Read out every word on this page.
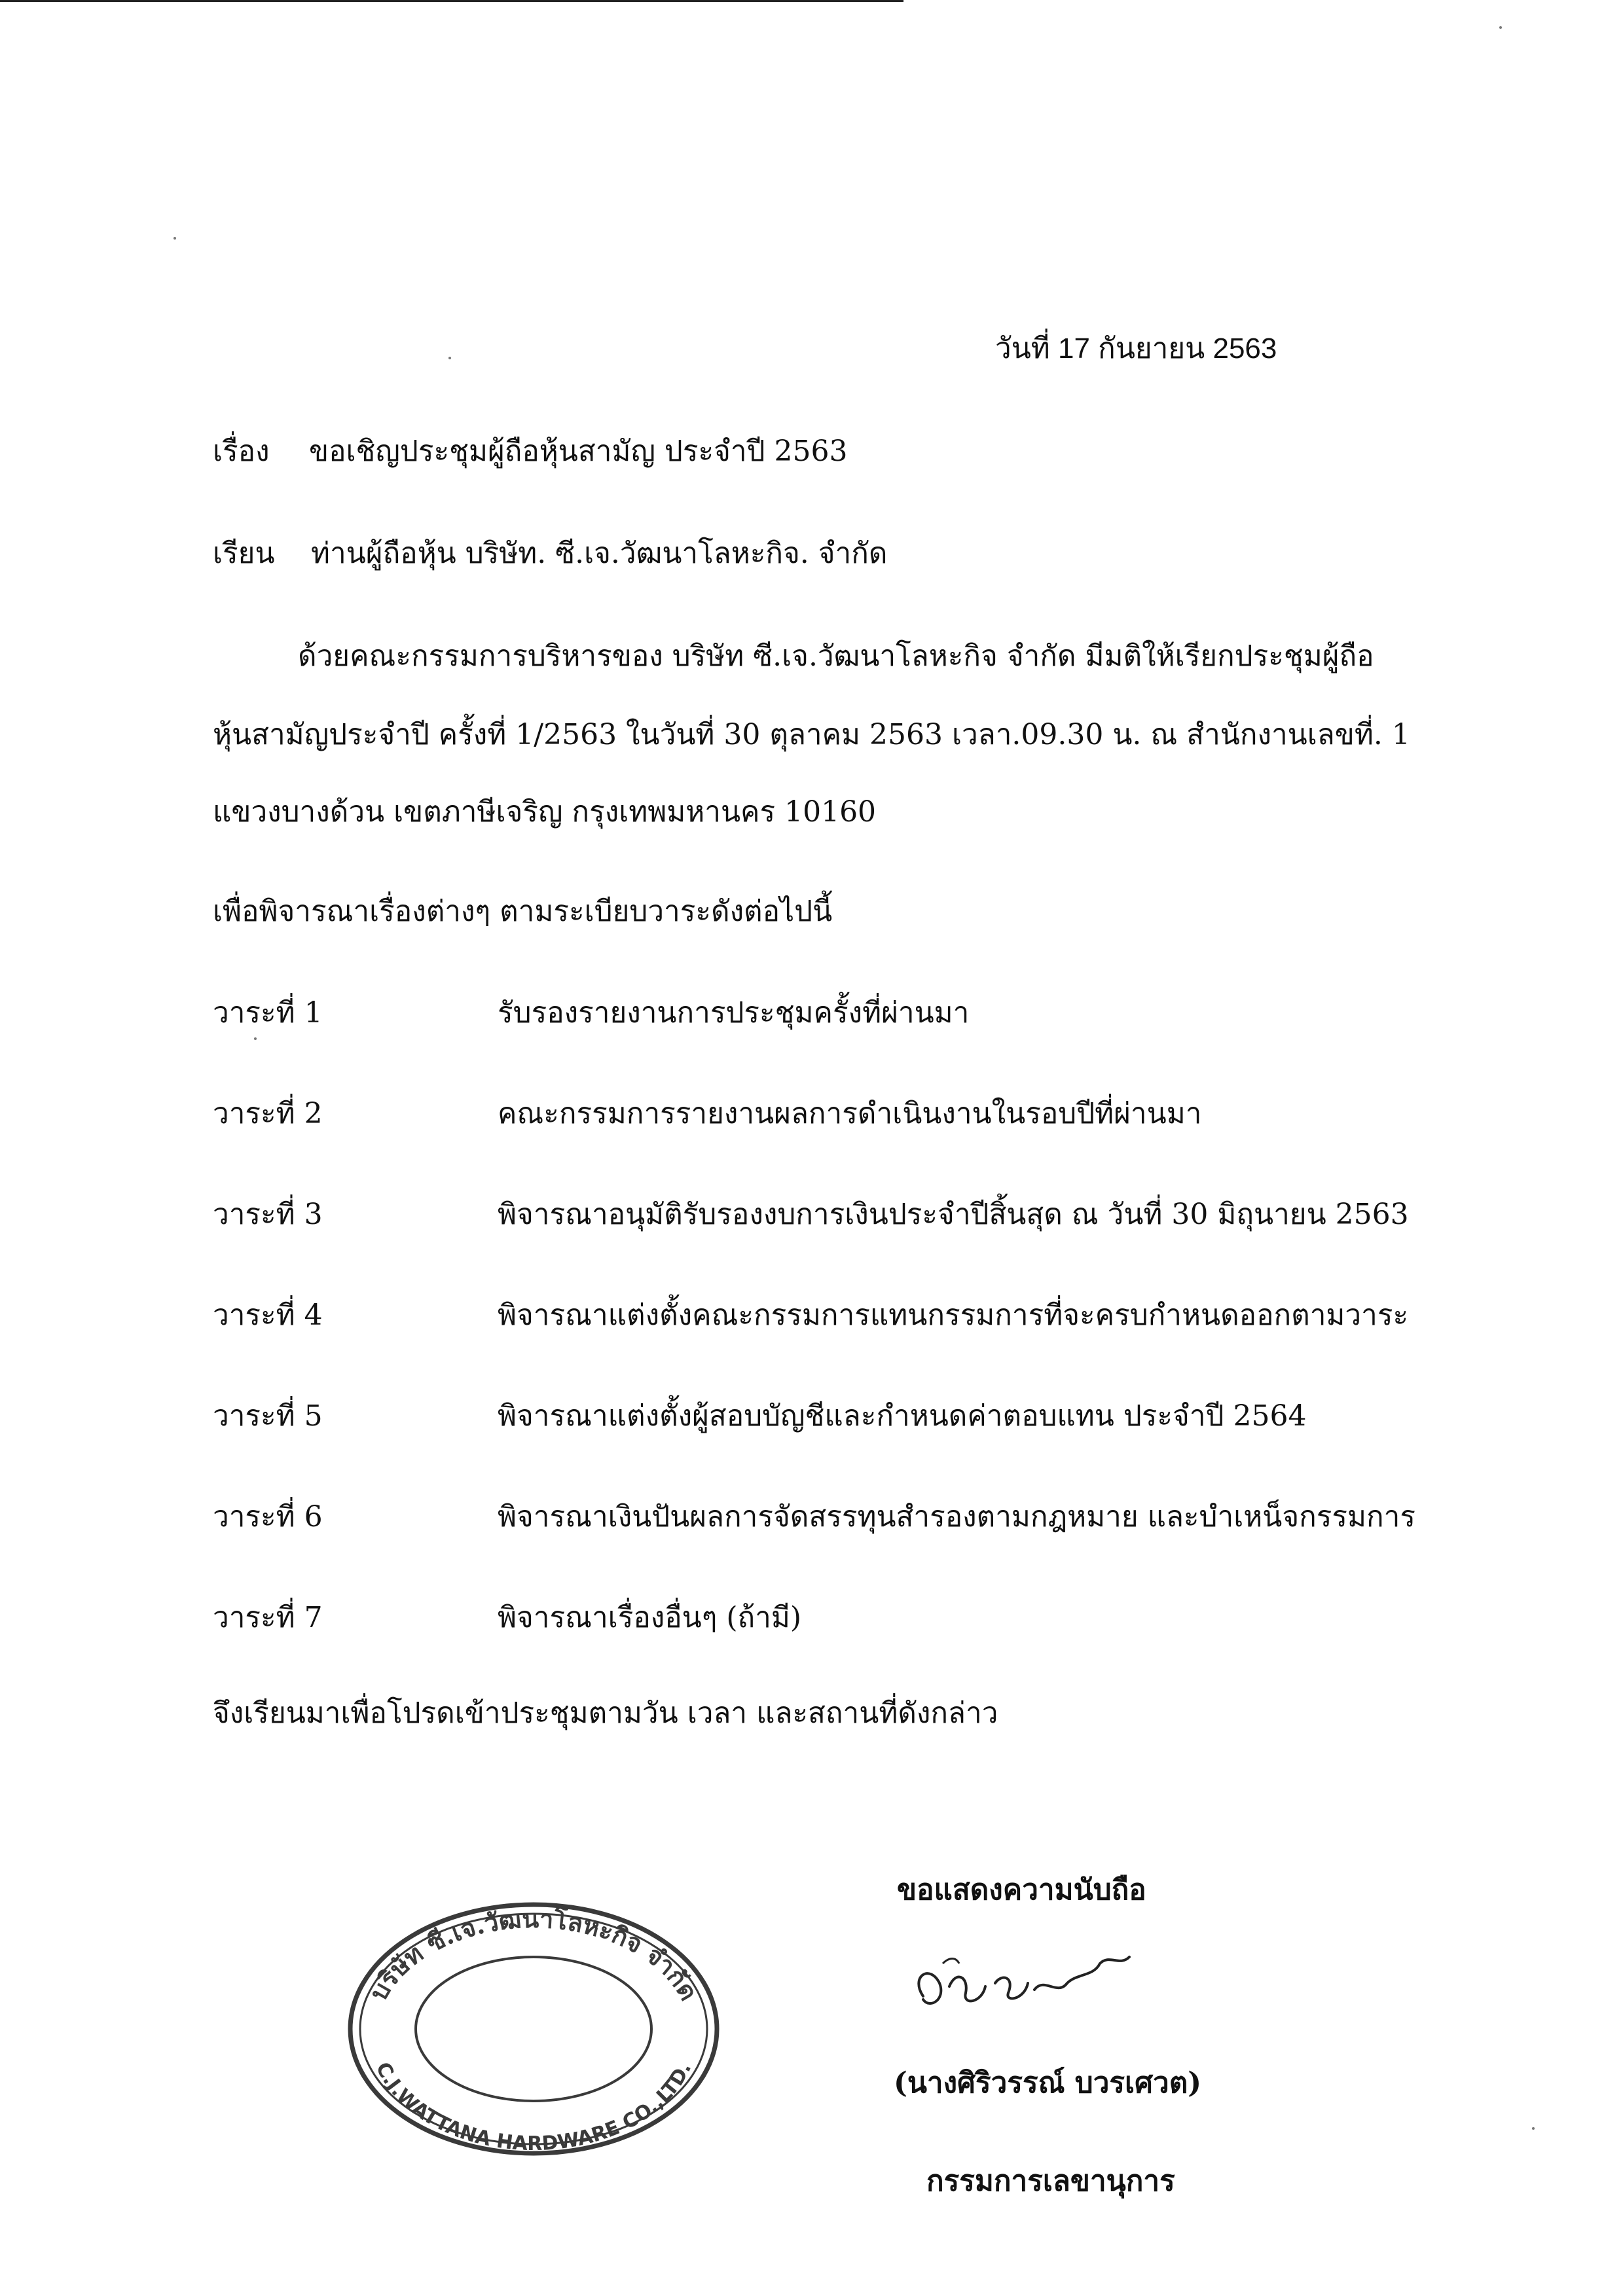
วันที่ 17 กันยายน 2563
เรื่อง ขอเชิญประชุมผู้ถือหุ้นสามัญ ประจำปี 2563
เรียน ท่านผู้ถือหุ้น บริษัท. ซี.เจ.วัฒนาโลหะกิจ. จำกัด
ด้วยคณะกรรมการบริหารของ บริษัท ซี.เจ.วัฒนาโลหะกิจ จำกัด มีมติให้เรียกประชุมผู้ถือ
หุ้นสามัญประจำปี ครั้งที่ 1/2563 ในวันที่ 30 ตุลาคม 2563 เวลา.09.30 น. ณ สำนักงานเลขที่. 1
แขวงบางด้วน เขตภาษีเจริญ กรุงเทพมหานคร 10160
เพื่อพิจารณาเรื่องต่างๆ ตามระเบียบวาระดังต่อไปนี้
วาระที่ 1	รับรองรายงานการประชุมครั้งที่ผ่านมา
วาระที่ 2	คณะกรรมการรายงานผลการดำเนินงานในรอบปีที่ผ่านมา
วาระที่ 3	พิจารณาอนุมัติรับรองงบการเงินประจำปีสิ้นสุด ณ วันที่ 30 มิถุนายน 2563
วาระที่ 4	พิจารณาแต่งตั้งคณะกรรมการแทนกรรมการที่จะครบกำหนดออกตามวาระ
วาระที่ 5	พิจารณาแต่งตั้งผู้สอบบัญชีและกำหนดค่าตอบแทน ประจำปี 2564
วาระที่ 6	พิจารณาเงินปันผลการจัดสรรทุนสำรองตามกฎหมาย และบำเหน็จกรรมการ
วาระที่ 7	พิจารณาเรื่องอื่นๆ (ถ้ามี)
จึงเรียนมาเพื่อโปรดเข้าประชุมตามวัน เวลา และสถานที่ดังกล่าว
บริษัท ซี.เจ.วัฒนาโลหะกิจ จำกัด
C.J.WATTANA HARDWARE CO.,LTD.
ขอแสดงความนับถือ
(นางศิริวรรณ์ บวรเศวต)
กรรมการเลขานุการ
